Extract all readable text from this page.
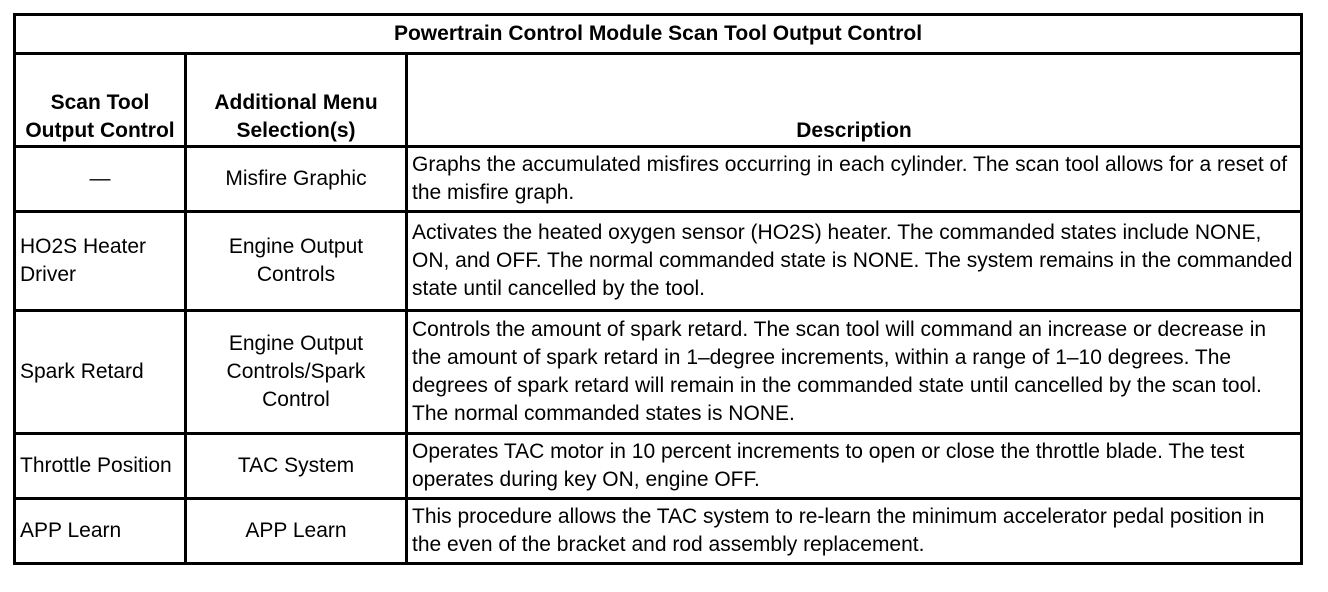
Powertrain Control Module Scan Tool Output Control		
Scan Tool Output Control	Additional Menu Selection(s)	Description
—	Misfire Graphic	Graphs the accumulated misfires occurring in each cylinder. The scan tool allows for a reset of the misfire graph.
HO2S Heater Driver	Engine Output Controls	Activates the heated oxygen sensor (HO2S) heater. The commanded states include NONE, ON, and OFF. The normal commanded state is NONE. The system remains in the commanded state until cancelled by the tool.
Spark Retard	Engine Output Controls/Spark Control	Controls the amount of spark retard. The scan tool will command an increase or decrease in the amount of spark retard in 1–degree increments, within a range of 1–10 degrees. The degrees of spark retard will remain in the commanded state until cancelled by the scan tool. The normal commanded states is NONE.
Throttle Position	TAC System	Operates TAC motor in 10 percent increments to open or close the throttle blade. The test operates during key ON, engine OFF.
APP Learn	APP Learn	This procedure allows the TAC system to re-learn the minimum accelerator pedal position in the even of the bracket and rod assembly replacement.
